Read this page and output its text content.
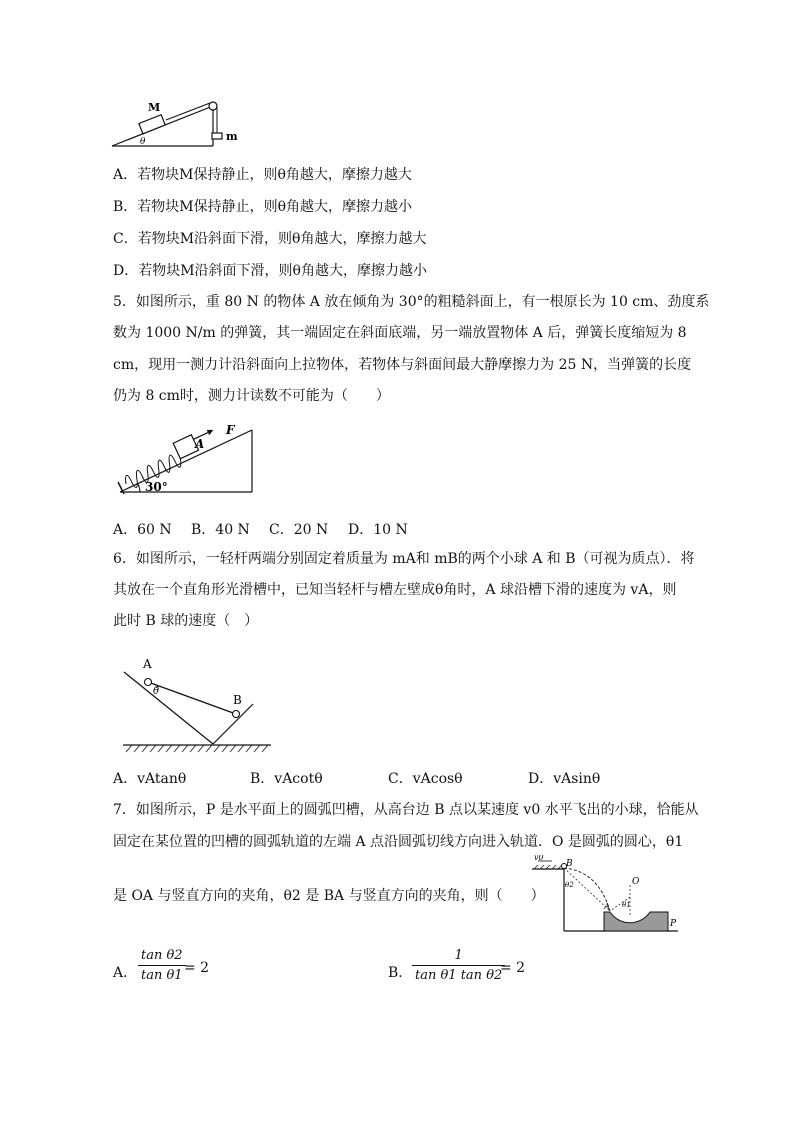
M
m
θ
A．若物块M保持静止，则θ角越大，摩擦力越大
B．若物块M保持静止，则θ角越大，摩擦力越小
C．若物块M沿斜面下滑，则θ角越大，摩擦力越大
D．若物块M沿斜面下滑，则θ角越大，摩擦力越小
5．如图所示，重 80 N 的物体 A 放在倾角为 30°的粗糙斜面上，有一根原长为 10 cm、劲度系
数为 1000 N/m 的弹簧，其一端固定在斜面底端，另一端放置物体 A 后，弹簧长度缩短为 8
cm，现用一测力计沿斜面向上拉物体，若物体与斜面间最大静摩擦力为 25 N，当弹簧的长度
仍为 8 cm时，测力计读数不可能为（　　）
A
F
30°
A．60 N B．40 N C．20 N D．10 N
6．如图所示，一轻杆两端分别固定着质量为 mA和 mB的两个小球 A 和 B（可视为质点）．将
其放在一个直角形光滑槽中，已知当轻杆与槽左壁成θ角时，A 球沿槽下滑的速度为 vA，则
此时 B 球的速度（　）
A
B
θ
A．vAtanθ	B．vAcotθ	C．vAcosθ	D．vAsinθ
7．如图所示，P 是水平面上的圆弧凹槽，从高台边 B 点以某速度 v0 水平飞出的小球，恰能从
固定在某位置的凹槽的圆弧轨道的左端 A 点沿圆弧切线方向进入轨道．O 是圆弧的圆心，θ1
是 OA 与竖直方向的夹角，θ2 是 BA 与竖直方向的夹角，则（　　）
v0
B
θ2	O
A θ1
P
A．
tan θ2
tan θ1 = 2	B．
1
tan θ1 tan θ2
= 2
